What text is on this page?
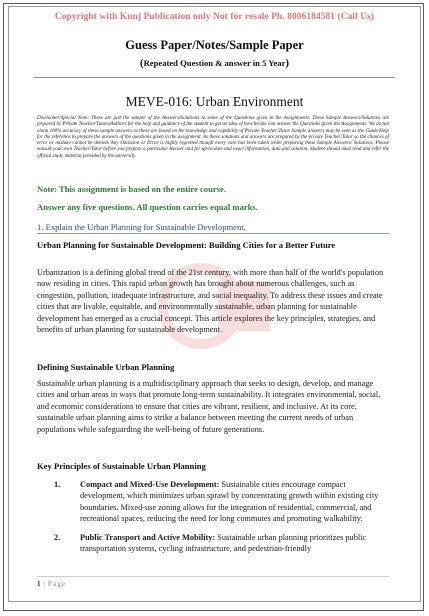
Copyright with Kunj Publication only Not for resale Ph. 8006184581 (Call Us)
Guess Paper/Notes/Sample Paper
(Repeated Question & answer in 5 Year)
MEVE-016: Urban Environment
Disclaimer/Special Note: These are just the sample of the Answers/Solutions to some of the Questions given in the Assignments. These Sample Answers/Solutions are prepared by Private Teacher/Tutors/Authors for the help and guidance of the student to get an idea of how he/she can answer the Questions given the Assignments. We do not claim 100% accuracy of these sample answers as these are based on the knowledge and capability of Private Teacher/Tutor. Sample answers may be seen as the Guide/Help for the reference to prepare the answers of the questions given in the assignment. As these solutions and answers are prepared by the private Teacher/Tutor so the chances of error or mistake cannot be denied. Any Omission or Error is highly regretted though every care has been taken while preparing these Sample Answers/ Solutions. Please consult your own Teacher/Tutor before you prepare a particular Answer and for up-to-date and exact information, data and solution. Student should must read and refer the official study material provided by the university.
Note: This assignment is based on the entire course.
Answer any five questions. All question carries equal marks.
1. Explain the Urban Planning for Sustainable Development.
Urban Planning for Sustainable Development: Building Cities for a Better Future
Urbanization is a defining global trend of the 21st century, with more than half of the world's population now residing in cities. This rapid urban growth has brought about numerous challenges, such as congestion, pollution, inadequate infrastructure, and social inequality. To address these issues and create cities that are livable, equitable, and environmentally sustainable, urban planning for sustainable development has emerged as a crucial concept. This article explores the key principles, strategies, and benefits of urban planning for sustainable development.
Defining Sustainable Urban Planning
Sustainable urban planning is a multidisciplinary approach that seeks to design, develop, and manage cities and urban areas in ways that promote long-term sustainability. It integrates environmental, social, and economic considerations to ensure that cities are vibrant, resilient, and inclusive. At its core, sustainable urban planning aims to strike a balance between meeting the current needs of urban populations while safeguarding the well-being of future generations.
Key Principles of Sustainable Urban Planning
1. Compact and Mixed-Use Development: Sustainable cities encourage compact development, which minimizes urban sprawl by concentrating growth within existing city boundaries. Mixed-use zoning allows for the integration of residential, commercial, and recreational spaces, reducing the need for long commutes and promoting walkability.
2. Public Transport and Active Mobility: Sustainable urban planning prioritizes public transportation systems, cycling infrastructure, and pedestrian-friendly
1 | Page
